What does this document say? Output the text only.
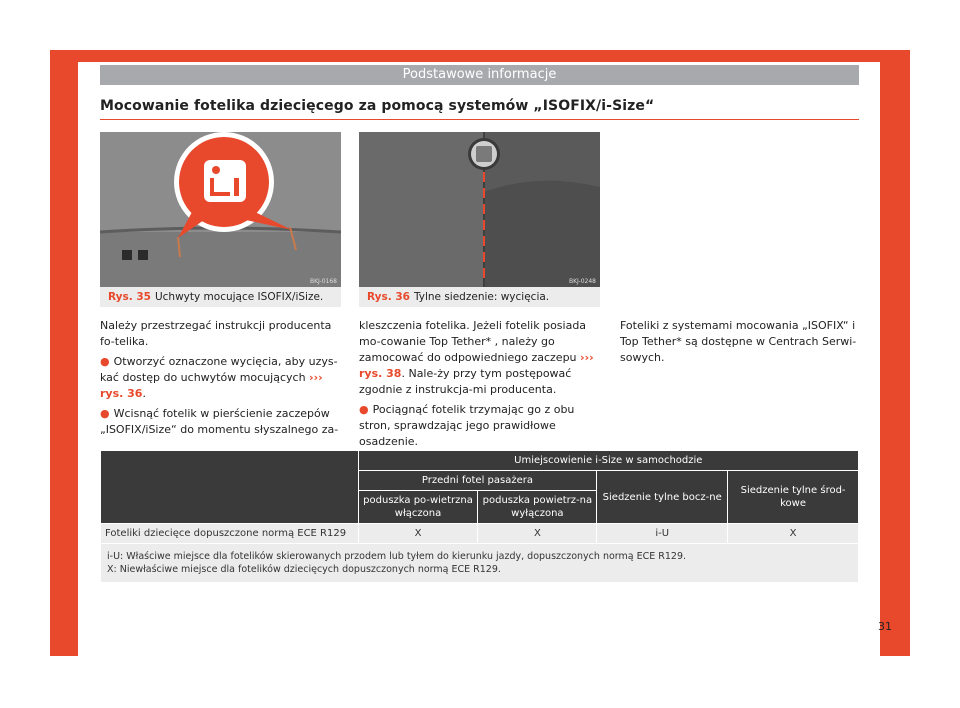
Podstawowe informacje
Mocowanie fotelika dziecięcego za pomocą systemów „ISOFIX/i-Size“
BKJ-0168
Rys. 35 Uchwyty mocujące ISOFIX/iSize.
BKJ-0248
Rys. 36 Tylne siedzenie: wycięcia.

Należy przestrzegać instrukcji producenta fo-telika.

● Otworzyć oznaczone wycięcia, aby uzys-kać dostęp do uchwytów mocujących ››› rys. 36.

● Wcisnąć fotelik w pierścienie zaczepów „ISOFIX/iSize“ do momentu słyszalnego za-

kleszczenia fotelika. Jeżeli fotelik posiada mo-cowanie Top Tether* , należy go zamocować do odpowiedniego zaczepu ››› rys. 38. Nale-ży przy tym postępować zgodnie z instrukcja-mi producenta.

● Pociągnąć fotelik trzymając go z obu stron, sprawdzając jego prawidłowe osadzenie.

Foteliki z systemami mocowania „ISOFIX“ i Top Tether* są dostępne w Centrach Serwi-sowych.

	Umiejscowienie i-Size w samochodzie			
	Przedni fotel pasażera		Siedzenie tylne bocz-ne	Siedzenie tylne środ-kowe
	poduszka po-wietrzna włączona	poduszka powietrz-na wyłączona		
Foteliki dziecięce dopuszczone normą ECE R129	X	X	i-U	X

i-U: Właściwe miejsce dla fotelików skierowanych przodem lub tyłem do kierunku jazdy, dopuszczonych normą ECE R129.
X: Niewłaściwe miejsce dla fotelików dziecięcych dopuszczonych normą ECE R129.				
31
